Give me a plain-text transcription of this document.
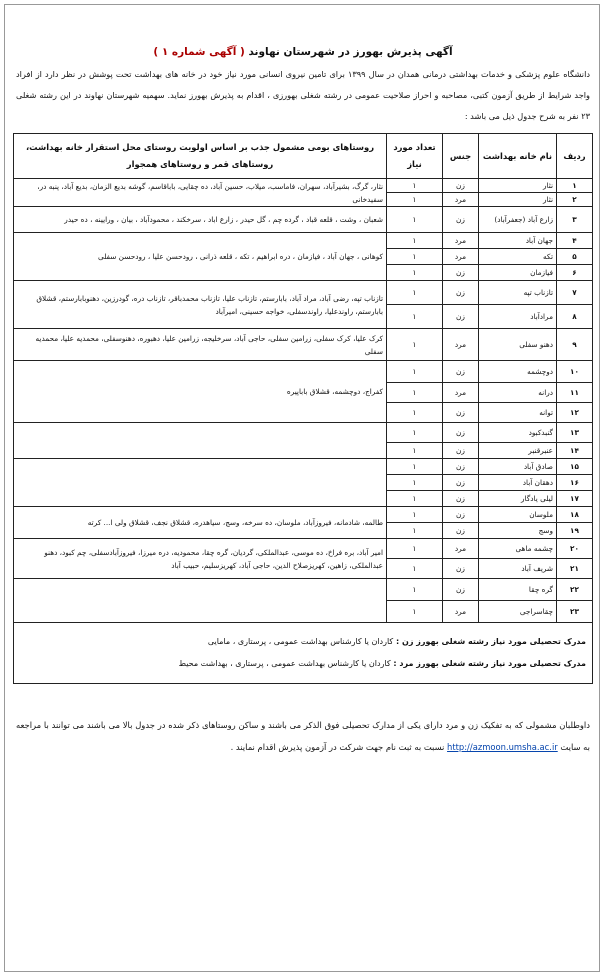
آگهی پذیرش بهورز در شهرستان نهاوند ( آگهی شماره ۱ )
دانشگاه علوم پزشکی و خدمات بهداشتی درمانی همدان در سال ۱۳۹۹ برای تامین نیروی انسانی مورد نیاز خود در خانه های بهداشت تحت پوشش در نظر دارد از افراد واجد شرایط از طریق آزمون کتبی، مصاحبه و احراز صلاحیت عمومی در رشته شغلی بهورزی ، اقدام به پذیرش بهورز نماید. سهمیه شهرستان نهاوند در این رشته شغلی ۲۳ نفر به شرح جدول ذیل می باشد :
ردیف	نام خانه بهداشت	جنس	تعداد مورد نیاز	روستاهای بومی مشمول جذب بر اساس اولویت روستای محل استقرار خانه بهداشت، روستاهای قمر و روستاهای همجوار
۱	نثار	زن	۱	نثار، گرگ، بشیرآباد، سهران، فاماسب، میلاب، حسین آباد، ده چقایی، باباقاسم، گوشه بدیع الزمان، بدیع آباد، پنبه در، سفیدخانی
۲	نثار	مرد	۱	
۳	زارع آباد (جعفرآباد)	زن	۱	شعبان ، وشت ، قلعه قباد ، گرده چم ، گل حیدر ، زارع اباد ، سرخکند ، محمودآباد ، بیان ، ورایینه ، ده حیدر
۴	جهان آباد	مرد	۱	کوهانی ، جهان آباد ، فیازمان ، دره ابراهیم ، تکه ، قلعه ذرانی ، رودحسن علیا ، رودحسن سفلی
۵	تکه	مرد	۱	
۶	فیازمان	زن	۱	
۷	تازناب تپه	زن	۱	تازناب تپه، رضی آباد، مراد آباد، بابارستم، تازناب علیا، تازناب محمدباقر، تازناب دره، گودرزین، دهنوبابارستم، قشلاق بابارستم، راوندعلیا، راوندسفلی، خواجه حسینی، امیرآباد
۸	مرادآباد	زن	۱	
۹	دهنو سفلی	مرد	۱	کرک علیا، کرک سفلی، زرامین سفلی، حاجی آباد، سرخلیجه، زرامین علیا، دهبوره، دهنوسفلی، محمدیه علیا، محمدیه سفلی
۱۰	دوچشمه	زن	۱	کفراج، دوچشمه، قشلاق باباپیره
۱۱	درانه	مرد	۱	
۱۲	توانه	زن	۱	
۱۳	گنبدکبود	زن	۱	
۱۴	عنبرقنبر	زن	۱	
۱۵	صادق آباد	زن	۱	
۱۶	دهقان آباد	زن	۱	
۱۷	لیلی یادگار	زن	۱	
۱۸	ملوسان	زن	۱	طالمه، شادمانه، فیروزآباد، ملوسان، ده سرخه، وسج، سیاهدره، قشلاق نجف، قشلاق ولی ا... کرته
۱۹	وسج	زن	۱	
۲۰	چشمه ماهی	مرد	۱	امیر آباد، بره فراخ، ده موسی، عبدالملکی، گردیان، گره چقا، محمودیه، دره میرزا، فیروزآبادسفلی، چم کبود، دهنو عبدالملکی، زاهین، کهریزصلاح الدین، حاجی آباد، کهریزسلیم، حبیب آباد
۲۱	شریف آباد	زن	۱	
۲۲	گره چقا	زن	۱	
۲۳	چقاسراجی	مرد	۱	

مدرک تحصیلی مورد نیاز رشته شغلی بهورز زن : کاردان یا کارشناس بهداشت عمومی ، پرستاری ، مامایی
مدرک تحصیلی مورد نیاز رشته شغلی بهورز مرد : کاردان یا کارشناس بهداشت عمومی ، پرستاری ، بهداشت محیط				
داوطلبان مشمولی که به تفکیک زن و مرد دارای یکی از مدارک تحصیلی فوق الذکر می باشند و ساکن روستاهای ذکر شده در جدول بالا می باشند می توانند با مراجعه به سایت http://azmoon.umsha.ac.ir نسبت به ثبت نام جهت شرکت در آزمون پذیرش اقدام نمایند .
